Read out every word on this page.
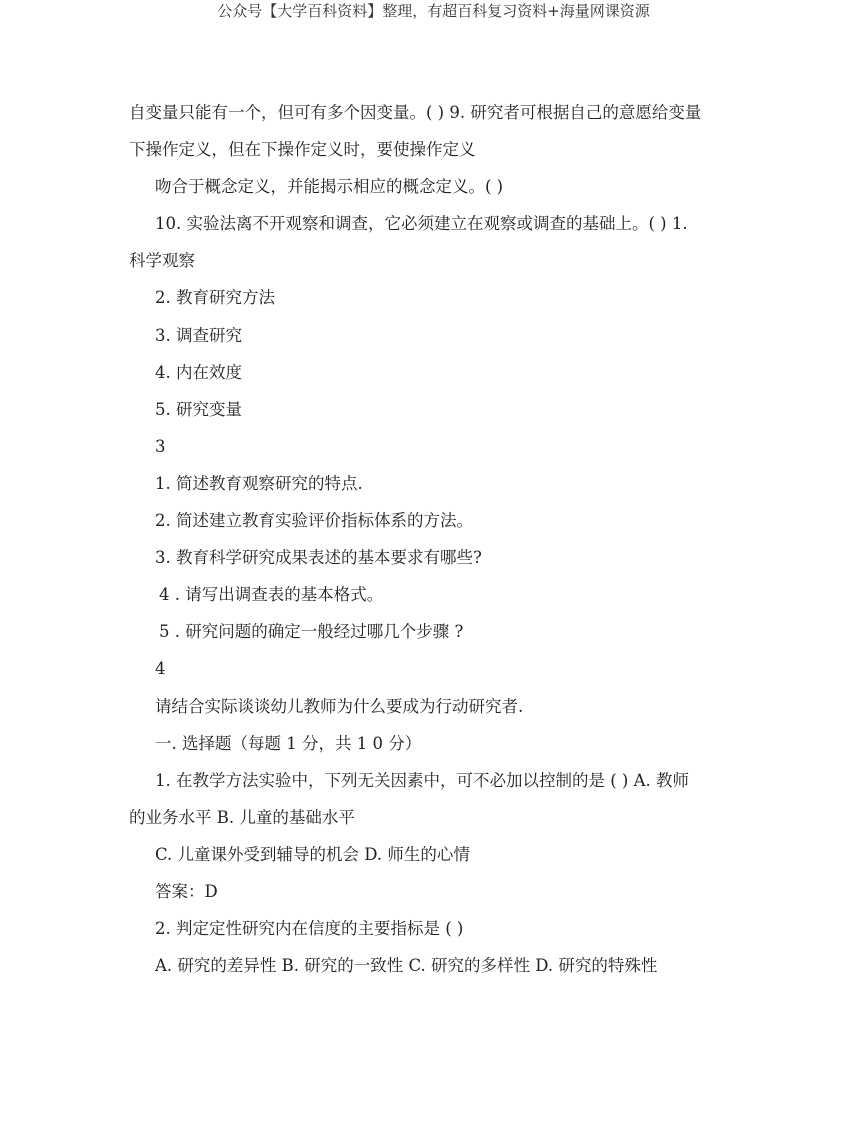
公众号【大学百科资料】整理，有超百科复习资料+海量网课资源
自变量只能有一个，但可有多个因变量。( ) 9. 研究者可根据自己的意愿给变量
下操作定义，但在下操作定义时，要使操作定义
吻合于概念定义，并能揭示相应的概念定义。( )
10. 实验法离不开观察和调查，它必须建立在观察或调查的基础上。( ) 1.
科学观察
2. 教育研究方法
3. 调查研究
4. 内在效度
5. 研究变量
3
1. 简述教育观察研究的特点.
2. 简述建立教育实验评价指标体系的方法。
3. 教育科学研究成果表述的基本要求有哪些?
4 . 请写出调查表的基本格式。
5 . 研究问题的确定一般经过哪几个步骤 ?
4
请结合实际谈谈幼儿教师为什么要成为行动研究者.
一. 选择题（每题 1 分，共 1 0 分）
1. 在教学方法实验中，下列无关因素中，可不必加以控制的是 ( ) A. 教师
的业务水平 B. 儿童的基础水平
C. 儿童课外受到辅导的机会 D. 师生的心情
答案：D
2. 判定定性研究内在信度的主要指标是 ( )
A. 研究的差异性 B. 研究的一致性 C. 研究的多样性 D. 研究的特殊性
